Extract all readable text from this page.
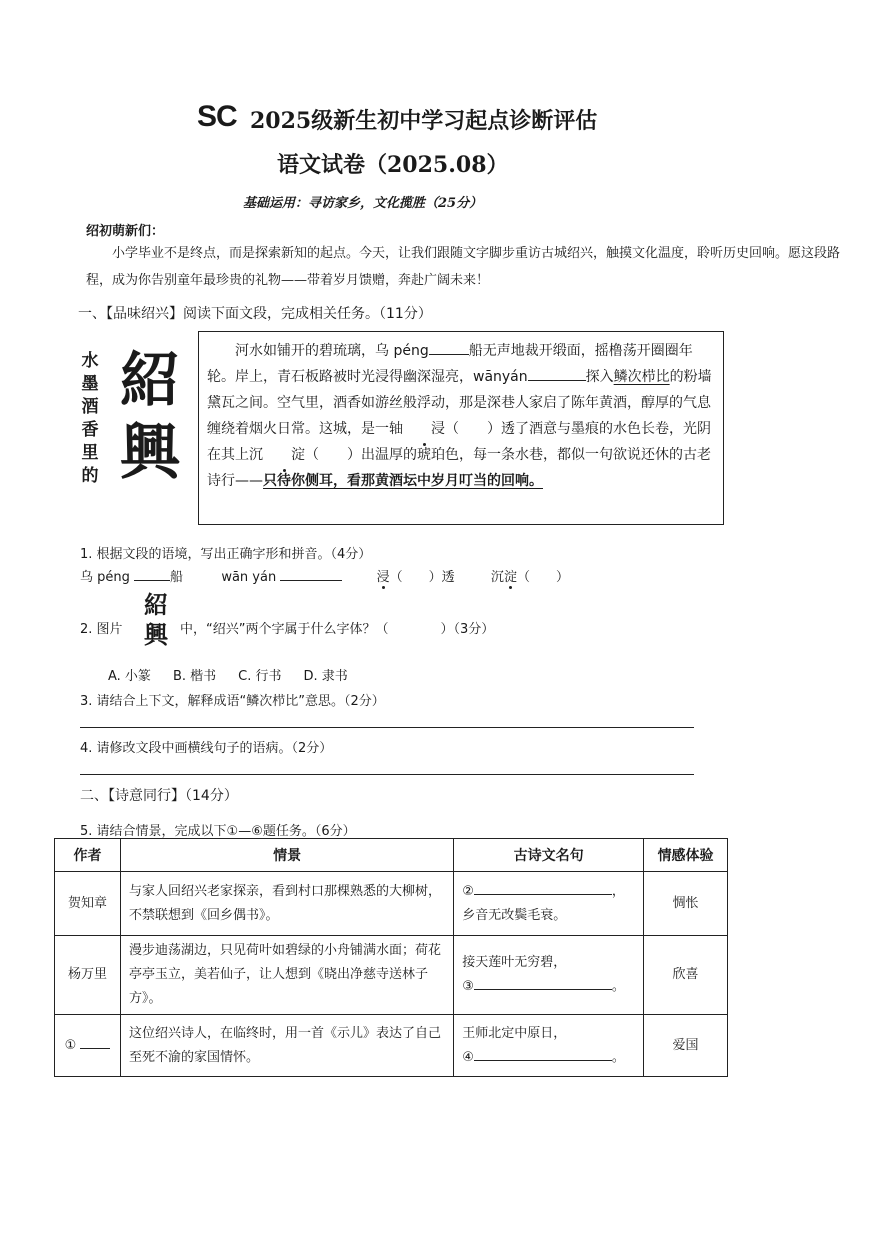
SC 2025级新生初中学习起点诊断评估
语文试卷（2025.08）
基础运用：寻访家乡，文化揽胜（25分）
绍初萌新们：
小学毕业不是终点，而是探索新知的起点。今天，让我们跟随文字脚步重访古城绍兴，触摸文化温度，聆听历史回响。愿这段路程，成为你告别童年最珍贵的礼物——带着岁月馈赠，奔赴广阔未来！
一、【品味绍兴】阅读下面文段，完成相关任务。（11分）
水
墨
酒
香
里
的
紹
興
河水如铺开的碧琉璃，乌 péng	船无声地裁开缎面，摇橹荡开圈圈年轮。岸上，青石板路被时光浸得幽深湿亮，wānyán	探入鳞次栉比的粉墙黛瓦之间。空气里，酒香如游丝般浮动，那是深巷人家启了陈年黄酒，醇厚的气息缠绕着烟火日常。这城，是一轴 浸（　　）透了酒意与墨痕的水色长卷，光阴在其上沉 淀（　　）出温厚的琥珀色，每一条水巷，都似一句欲说还休的古老诗行——只待你侧耳，看那黄酒坛中岁月叮当的回响。
1. 根据文段的语境，写出正确字形和拼音。（4分）
乌 péng	船	wān yán	浸（　　）透	沉淀（　　）
2. 图片
紹
興 中，“绍兴”两个字属于什么字体？（　　　　）（3分）
A. 小篆 B. 楷书 C. 行书 D. 隶书
3. 请结合上下文，解释成语“鳞次栉比”意思。（2分）
4. 请修改文段中画横线句子的语病。（2分）
二、【诗意同行】（14分）
5. 请结合情景，完成以下①—⑥题任务。（6分）
作者	情景	古诗文名句	情感体验
贺知章	与家人回绍兴老家探亲，看到村口那棵熟悉的大柳树，不禁联想到《回乡偶书》。	② ，
乡音无改鬓毛衰。	惆怅
杨万里	漫步迪荡湖边，只见荷叶如碧绿的小舟铺满水面；荷花亭亭玉立，美若仙子，让人想到《晓出净慈寺送林子方》。	接天莲叶无穷碧，
③ 。	欣喜
①	这位绍兴诗人，在临终时，用一首《示儿》表达了自己至死不渝的家国情怀。	王师北定中原日，
④ 。	爱国
